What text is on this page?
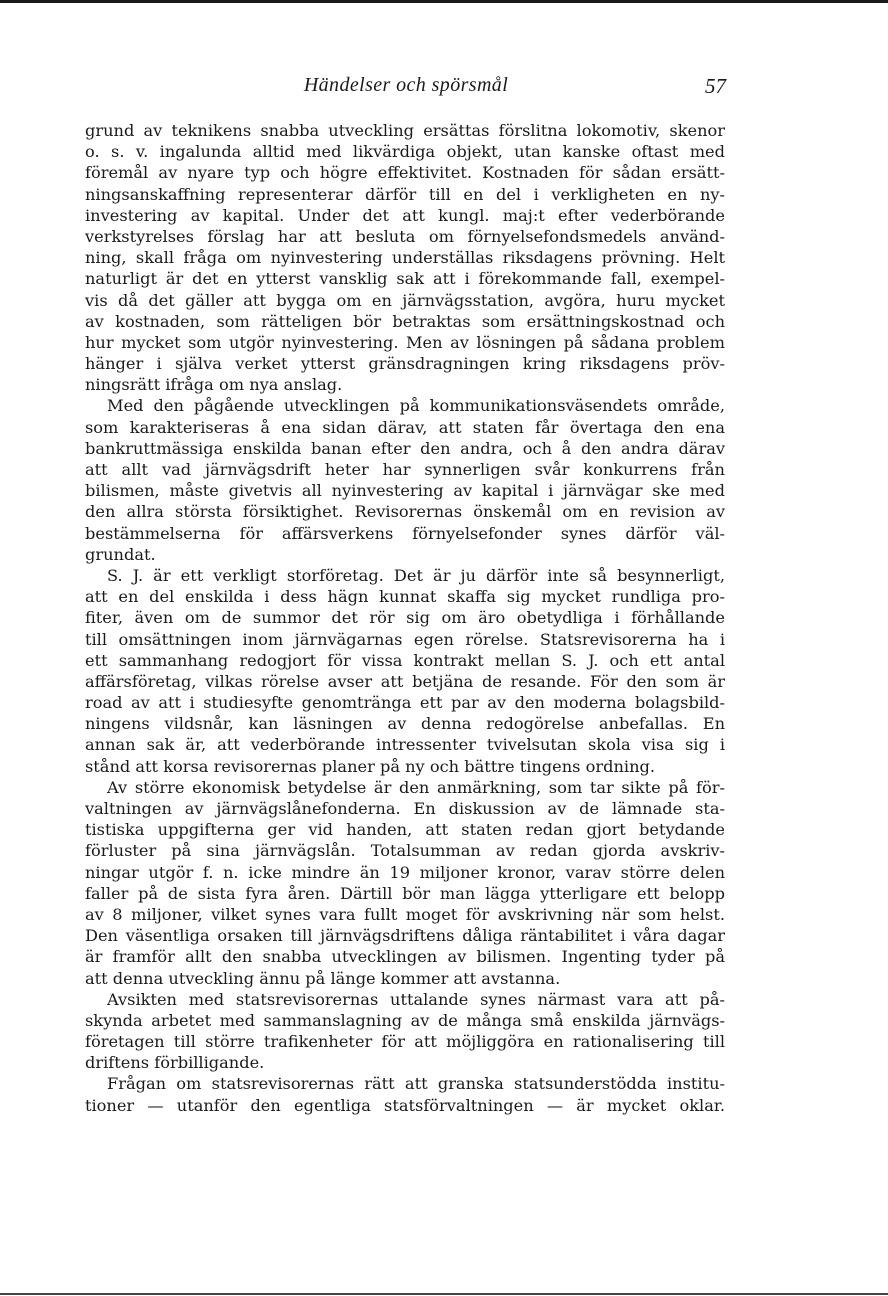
Händelser och spörsmål	57
grund av teknikens snabba utveckling ersättas förslitna lokomotiv, skenor
o. s. v. ingalunda alltid med likvärdiga objekt, utan kanske oftast med
föremål av nyare typ och högre effektivitet. Kostnaden för sådan ersätt-
ningsanskaffning representerar därför till en del i verkligheten en ny-
investering av kapital. Under det att kungl. maj:t efter vederbörande
verkstyrelses förslag har att besluta om förnyelsefondsmedels använd-
ning, skall fråga om nyinvestering underställas riksdagens prövning. Helt
naturligt är det en ytterst vansklig sak att i förekommande fall, exempel-
vis då det gäller att bygga om en järnvägsstation, avgöra, huru mycket
av kostnaden, som rätteligen bör betraktas som ersättningskostnad och
hur mycket som utgör nyinvestering. Men av lösningen på sådana problem
hänger i själva verket ytterst gränsdragningen kring riksdagens pröv-
ningsrätt ifråga om nya anslag.
Med den pågående utvecklingen på kommunikationsväsendets område,
som karakteriseras å ena sidan därav, att staten får övertaga den ena
bankruttmässiga enskilda banan efter den andra, och å den andra därav
att allt vad järnvägsdrift heter har synnerligen svår konkurrens från
bilismen, måste givetvis all nyinvestering av kapital i järnvägar ske med
den allra största försiktighet. Revisorernas önskemål om en revision av
bestämmelserna för affärsverkens förnyelsefonder synes därför väl-
grundat.
S. J. är ett verkligt storföretag. Det är ju därför inte så besynnerligt,
att en del enskilda i dess hägn kunnat skaffa sig mycket rundliga pro-
fiter, även om de summor det rör sig om äro obetydliga i förhållande
till omsättningen inom järnvägarnas egen rörelse. Statsrevisorerna ha i
ett sammanhang redogjort för vissa kontrakt mellan S. J. och ett antal
affärsföretag, vilkas rörelse avser att betjäna de resande. För den som är
road av att i studiesyfte genomtränga ett par av den moderna bolagsbild-
ningens vildsnår, kan läsningen av denna redogörelse anbefallas. En
annan sak är, att vederbörande intressenter tvivelsutan skola visa sig i
stånd att korsa revisorernas planer på ny och bättre tingens ordning.
Av större ekonomisk betydelse är den anmärkning, som tar sikte på för-
valtningen av järnvägslånefonderna. En diskussion av de lämnade sta-
tistiska uppgifterna ger vid handen, att staten redan gjort betydande
förluster på sina järnvägslån. Totalsumman av redan gjorda avskriv-
ningar utgör f. n. icke mindre än 19 miljoner kronor, varav större delen
faller på de sista fyra åren. Därtill bör man lägga ytterligare ett belopp
av 8 miljoner, vilket synes vara fullt moget för avskrivning när som helst.
Den väsentliga orsaken till järnvägsdriftens dåliga räntabilitet i våra dagar
är framför allt den snabba utvecklingen av bilismen. Ingenting tyder på
att denna utveckling ännu på länge kommer att avstanna.
Avsikten med statsrevisorernas uttalande synes närmast vara att på-
skynda arbetet med sammanslagning av de många små enskilda järnvägs-
företagen till större trafikenheter för att möjliggöra en rationalisering till
driftens förbilligande.
Frågan om statsrevisorernas rätt att granska statsunderstödda institu-
tioner — utanför den egentliga statsförvaltningen — är mycket oklar.
